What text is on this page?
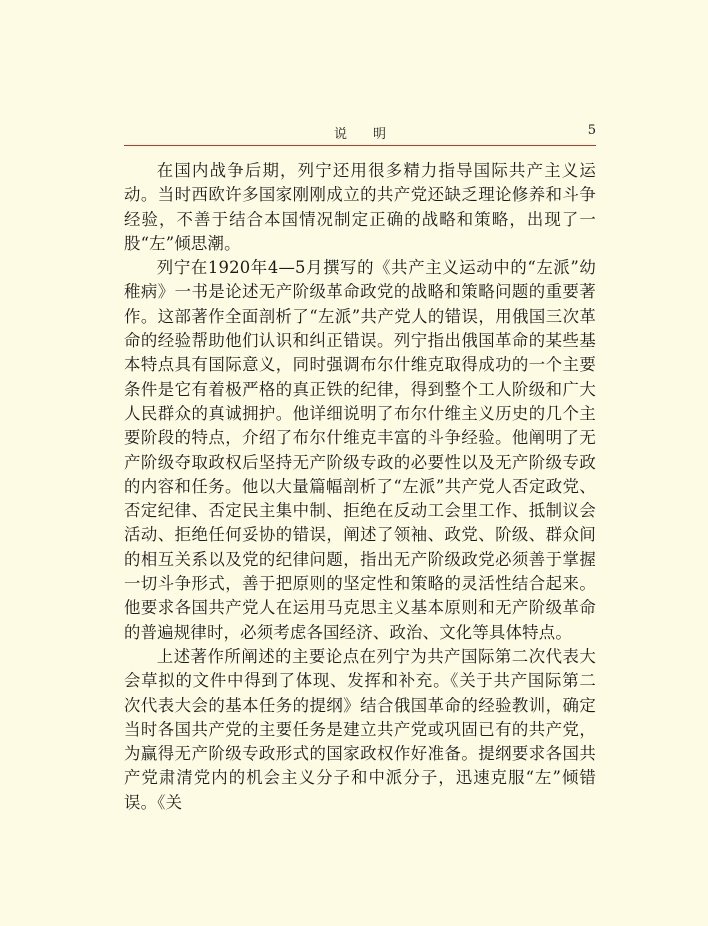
说明	5

在国内战争后期，列宁还用很多精力指导国际共产主义运动。当时西欧许多国家刚刚成立的共产党还缺乏理论修养和斗争经验，不善于结合本国情况制定正确的战略和策略，出现了一股“左”倾思潮。

列宁在1920年4—5月撰写的《共产主义运动中的“左派”幼稚病》一书是论述无产阶级革命政党的战略和策略问题的重要著作。这部著作全面剖析了“左派”共产党人的错误，用俄国三次革命的经验帮助他们认识和纠正错误。列宁指出俄国革命的某些基本特点具有国际意义，同时强调布尔什维克取得成功的一个主要条件是它有着极严格的真正铁的纪律，得到整个工人阶级和广大人民群众的真诚拥护。他详细说明了布尔什维主义历史的几个主要阶段的特点，介绍了布尔什维克丰富的斗争经验。他阐明了无产阶级夺取政权后坚持无产阶级专政的必要性以及无产阶级专政的内容和任务。他以大量篇幅剖析了“左派”共产党人否定政党、否定纪律、否定民主集中制、拒绝在反动工会里工作、抵制议会活动、拒绝任何妥协的错误，阐述了领袖、政党、阶级、群众间的相互关系以及党的纪律问题，指出无产阶级政党必须善于掌握一切斗争形式，善于把原则的坚定性和策略的灵活性结合起来。他要求各国共产党人在运用马克思主义基本原则和无产阶级革命的普遍规律时，必须考虑各国经济、政治、文化等具体特点。

上述著作所阐述的主要论点在列宁为共产国际第二次代表大会草拟的文件中得到了体现、发挥和补充。《关于共产国际第二次代表大会的基本任务的提纲》结合俄国革命的经验教训，确定当时各国共产党的主要任务是建立共产党或巩固已有的共产党，为赢得无产阶级专政形式的国家政权作好准备。提纲要求各国共产党肃清党内的机会主义分子和中派分子，迅速克服“左”倾错误。《关
